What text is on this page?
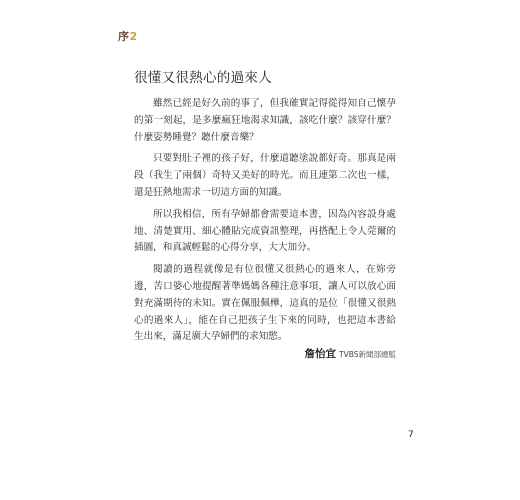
序2
很懂又很熱心的過來人

雖然已經是好久前的事了，但我確實記得從得知自己懷孕的第一刻起，是多麼瘋狂地渴求知識，該吃什麼？該穿什麼？什麼姿勢睡覺？聽什麼音樂？

只要對肚子裡的孩子好，什麼道聽塗說都好奇。那真是兩段（我生了兩個）奇特又美好的時光。而且連第二次也一樣，還是狂熱地需求一切這方面的知識。

所以我相信，所有孕婦都會需要這本書，因為內容設身處地、清楚實用、細心體貼完成資訊整理，再搭配上令人莞爾的插圖，和真誠輕鬆的心得分享，大大加分。

閱讀的過程就像是有位很懂又很熱心的過來人，在妳旁邊，苦口婆心地提醒著準媽媽各種注意事項，讓人可以放心面對充滿期待的未知。實在佩服佩樺，這真的是位「很懂又很熱心的過來人」，能在自己把孩子生下來的同時，也把這本書給生出來，滿足廣大孕婦們的求知慾。

詹怡宜 TVBS新聞部總監
7
